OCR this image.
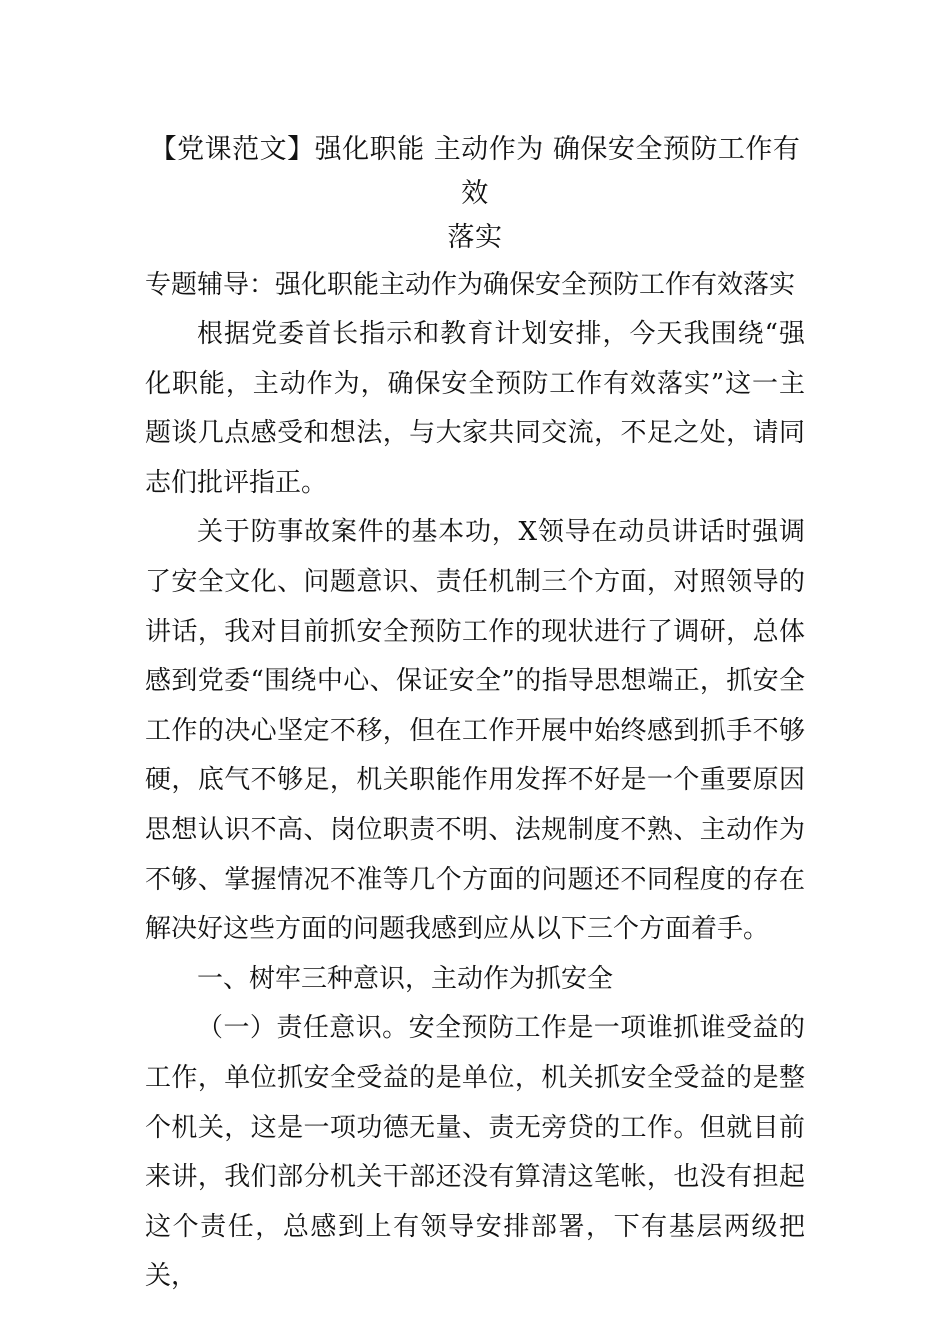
【党课范文】强化职能 主动作为 确保安全预防工作有效
落实

专题辅导：强化职能主动作为确保安全预防工作有效落实

根据党委首长指示和教育计划安排，今天我围绕“强化职能，主动作为，确保安全预防工作有效落实”这一主题谈几点感受和想法，与大家共同交流，不足之处，请同志们批评指正。

关于防事故案件的基本功，X领导在动员讲话时强调了安全文化、问题意识、责任机制三个方面，对照领导的讲话，我对目前抓安全预防工作的现状进行了调研，总体感到党委“围绕中心、保证安全”的指导思想端正，抓安全工作的决心坚定不移，但在工作开展中始终感到抓手不够硬，底气不够足，机关职能作用发挥不好是一个重要原因思想认识不高、岗位职责不明、法规制度不熟、主动作为不够、掌握情况不准等几个方面的问题还不同程度的存在解决好这些方面的问题我感到应从以下三个方面着手。

一、树牢三种意识，主动作为抓安全

（一）责任意识。安全预防工作是一项谁抓谁受益的工作，单位抓安全受益的是单位，机关抓安全受益的是整个机关，这是一项功德无量、责无旁贷的工作。但就目前来讲，我们部分机关干部还没有算清这笔帐，也没有担起这个责任，总感到上有领导安排部署，下有基层两级把关，
